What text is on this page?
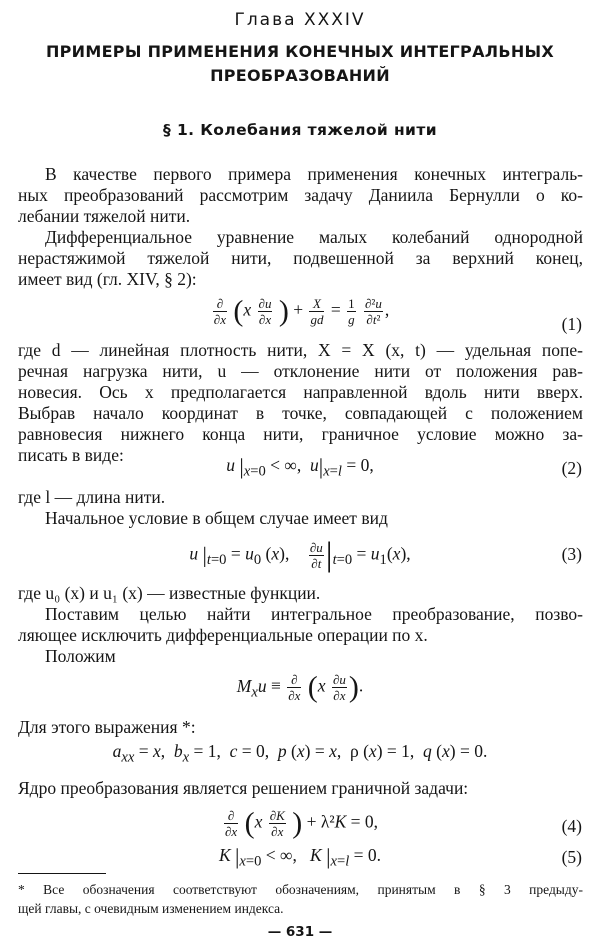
Глава XXXIV
ПРИМЕРЫ ПРИМЕНЕНИЯ КОНЕЧНЫХ ИНТЕГРАЛЬНЫХ
ПРЕОБРАЗОВАНИЙ
§ 1. Колебания тяжелой нити
В качестве первого примера применения конечных интеграль-
ных преобразований рассмотрим задачу Даниила Бернулли о ко-
лебании тяжелой нити.
Дифференциальное уравнение малых колебаний однородной
нерастяжимой тяжелой нити, подвешенной за верхний конец,
имеет вид (гл. XIV, § 2):
$\frac{\partial}{\partial x} (x \frac{\partial u}{\partial x}$ ) + $\frac{X}{gd} = \frac{1}{g}$
$\frac{\text{∂²u}}{\text{∂t²}}$ ,
(1)
где d — линейная плотность нити, X = X (x, t) — удельная попе-
речная нагрузка нити, u — отклонение нити от положения рав-
новесия. Ось x предполагается направленной вдоль нити вверх.
Выбрав начало координат в точке, совпадающей с положением
равновесия нижнего конца нити, граничное условие можно за-
писать в виде:	u $|_{x=0}$ < ∞,  $u|_{x=l} = 0$,	(2)
где l — длина нити.
Начальное условие в общем случае имеет вид
u $|_{t=0} = u_0$ (x), $\frac{\partial u}{\partial t} |_{t=0} = u_1(x)$,	(3)
где u₀ (x) и u₁ (x) — известные функции.
Поставим целью найти интегральное преобразование, позво-
ляющее исключить дифференциальные операции по x.
Положим
$M_xu \equiv \frac{\partial}{\partial x} (x \frac{\partial u}{\partial x}$ ).
Для этого выражения *:
$a_{xx} = x$,  $b_x = 1$,  c = 0,  p (x) = x,  ρ (x) = 1,  q (x) = 0.
Ядро преобразования является решением граничной задачи:
$\frac{\partial}{\partial x} (x \frac{\partial K}{\partial x}$ ) + λ²K = 0,	(4)
K $|_{x=0}$ < ∞,   K $|_{x=l} = 0$.	(5)
* Все обозначения соответствуют обозначениям, принятым в § 3 предыду-
щей главы, с очевидным изменением индекса.
— 631 —
